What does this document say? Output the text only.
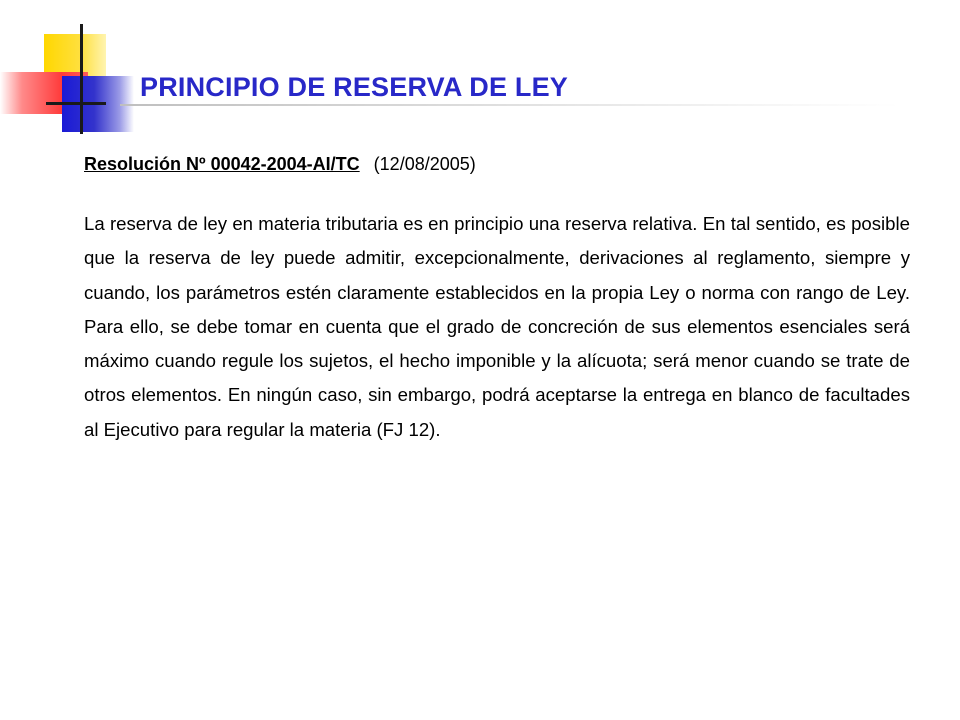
PRINCIPIO DE RESERVA DE LEY
Resolución Nº 00042-2004-AI/TC (12/08/2005)

La reserva de ley en materia tributaria es en principio una reserva relativa. En tal sentido, es posible que la reserva de ley puede admitir, excepcionalmente, derivaciones al reglamento, siempre y cuando, los parámetros estén claramente establecidos en la propia Ley o norma con rango de Ley. Para ello, se debe tomar en cuenta que el grado de concreción de sus elementos esenciales será máximo cuando regule los sujetos, el hecho imponible y la alícuota; será menor cuando se trate de otros elementos. En ningún caso, sin embargo, podrá aceptarse la entrega en blanco de facultades al Ejecutivo para regular la materia (FJ 12).
